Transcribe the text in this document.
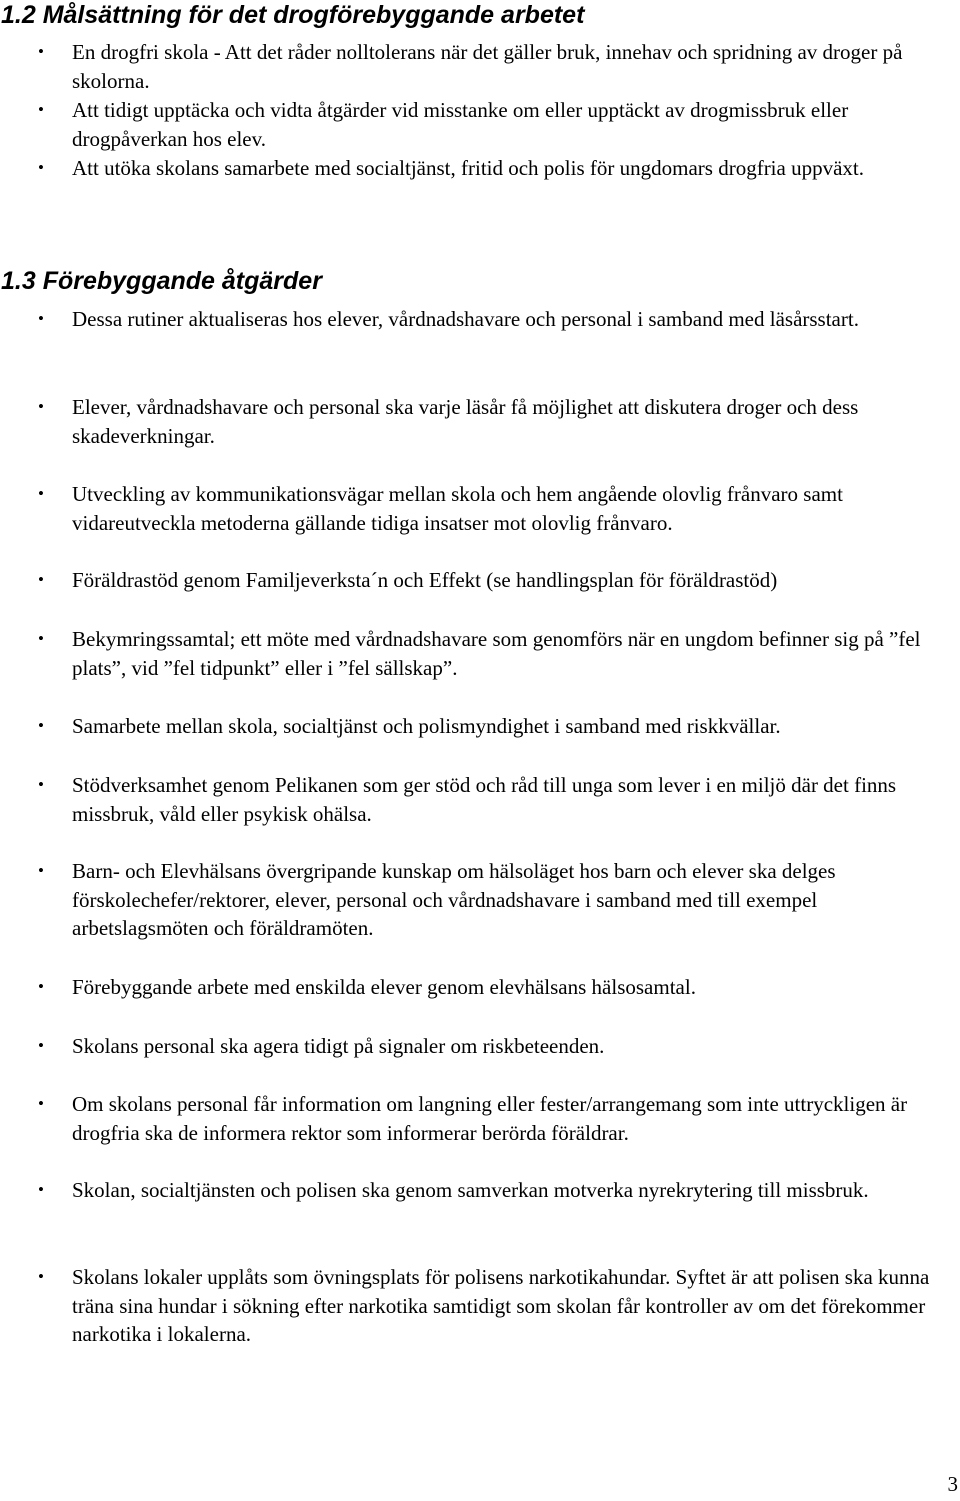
1.2 Målsättning för det drogförebyggande arbetet
• En drogfri skola - Att det råder nolltolerans när det gäller bruk, innehav och spridning av droger på skolorna.
• Att tidigt upptäcka och vidta åtgärder vid misstanke om eller upptäckt av drogmissbruk eller drogpåverkan hos elev.
• Att utöka skolans samarbete med socialtjänst, fritid och polis för ungdomars drogfria uppväxt.
1.3 Förebyggande åtgärder
• Dessa rutiner aktualiseras hos elever, vårdnadshavare och personal i samband med läsårsstart.
• Elever, vårdnadshavare och personal ska varje läsår få möjlighet att diskutera droger och dess skadeverkningar.
• Utveckling av kommunikationsvägar mellan skola och hem angående olovlig frånvaro samt vidareutveckla metoderna gällande tidiga insatser mot olovlig frånvaro.
• Föräldrastöd genom Familjeverksta´n och Effekt (se handlingsplan för föräldrastöd)
• Bekymringssamtal; ett möte med vårdnadshavare som genomförs när en ungdom befinner sig på ”fel plats”, vid ”fel tidpunkt” eller i ”fel sällskap”.
• Samarbete mellan skola, socialtjänst och polismyndighet i samband med riskkvällar.
• Stödverksamhet genom Pelikanen som ger stöd och råd till unga som lever i en miljö där det finns missbruk, våld eller psykisk ohälsa.
• Barn- och Elevhälsans övergripande kunskap om hälsoläget hos barn och elever ska delges förskolechefer/rektorer, elever, personal och vårdnadshavare i samband med till exempel arbetslagsmöten och föräldramöten.
• Förebyggande arbete med enskilda elever genom elevhälsans hälsosamtal.
• Skolans personal ska agera tidigt på signaler om riskbeteenden.
• Om skolans personal får information om langning eller fester/arrangemang som inte uttryckligen är drogfria ska de informera rektor som informerar berörda föräldrar.
• Skolan, socialtjänsten och polisen ska genom samverkan motverka nyrekrytering till missbruk.
• Skolans lokaler upplåts som övningsplats för polisens narkotikahundar. Syftet är att polisen ska kunna träna sina hundar i sökning efter narkotika samtidigt som skolan får kontroller av om det förekommer narkotika i lokalerna.
3
